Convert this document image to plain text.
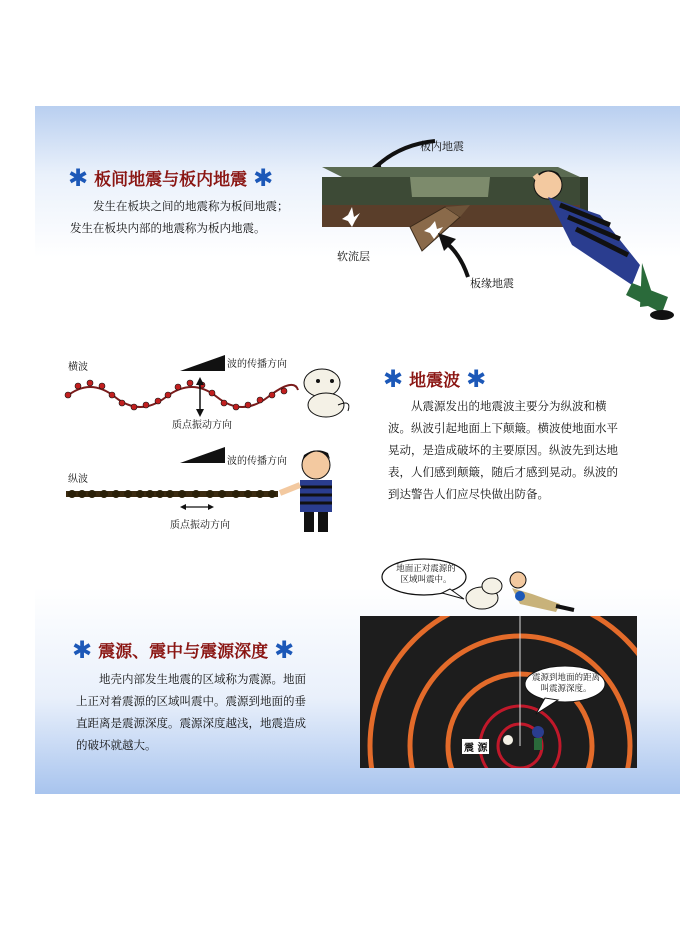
✱ 板间地震与板内地震 ✱
发生在板块之间的地震称为板间地震；发生在板块内部的地震称为板内地震。
板内地震
软流层
板缘地震
横波	波的传播方向
质点振动方向
纵波
波的传播方向
质点振动方向
✱ 地震波 ✱
从震源发出的地震波主要分为纵波和横波。纵波引起地面上下颠簸。横波使地面水平晃动，是造成破坏的主要原因。纵波先到达地表，人们感到颠簸，随后才感到晃动。纵波的到达警告人们应尽快做出防备。
✱ 震源、震中与震源深度 ✱
地壳内部发生地震的区域称为震源。地面上正对着震源的区域叫震中。震源到地面的垂直距离是震源深度。震源深度越浅，地震造成的破坏就越大。
地面正对震源的区域叫震中。
震源到地面的距离叫震源深度。
震 源
